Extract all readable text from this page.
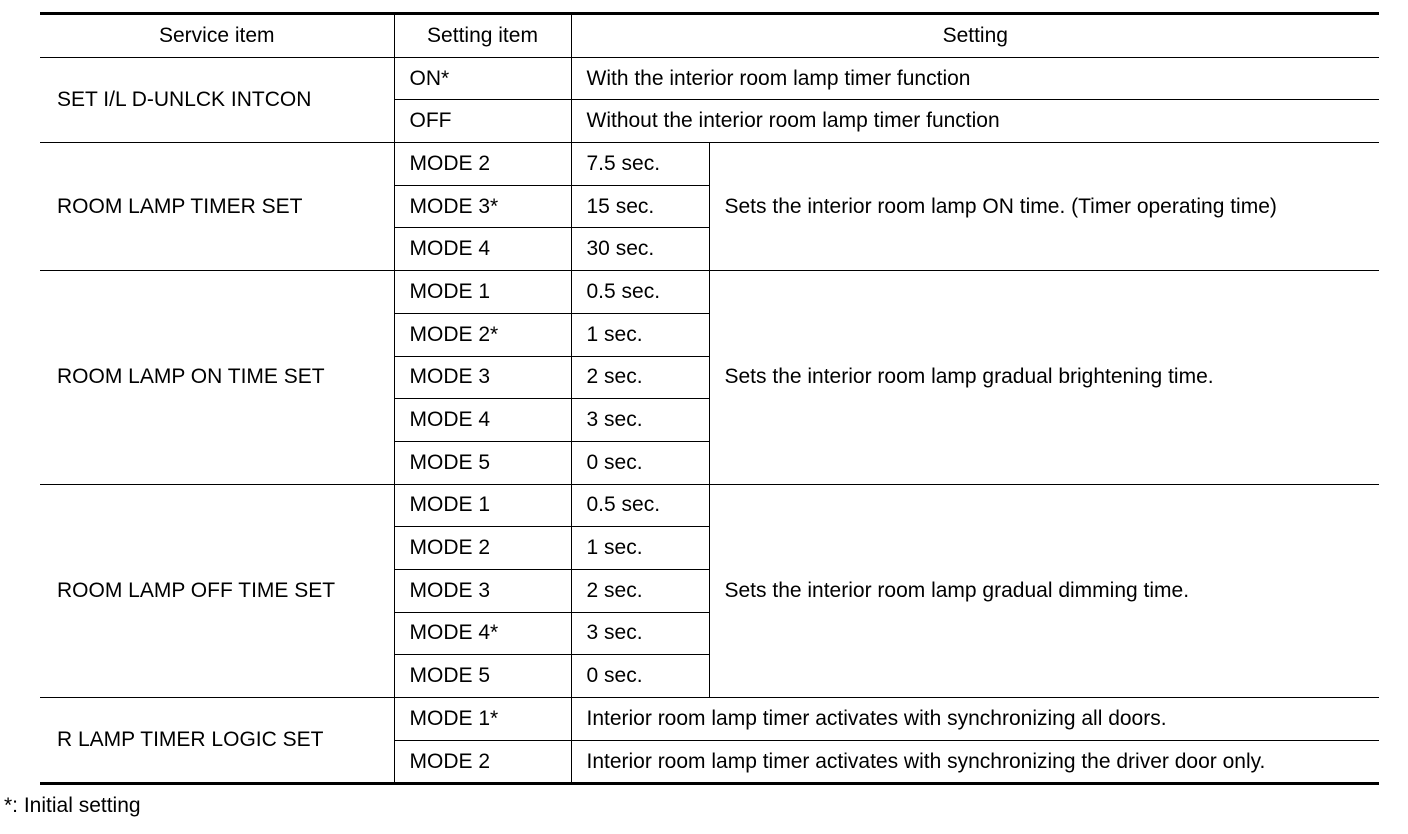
Service item	Setting item	Setting	
SET I/L D-UNLCK INTCON	ON*	With the interior room lamp timer function	
	OFF	Without the interior room lamp timer function	
ROOM LAMP TIMER SET	MODE 2	7.5 sec.	Sets the interior room lamp ON time. (Timer operating time)
	MODE 3*	15 sec.	
	MODE 4	30 sec.	
ROOM LAMP ON TIME SET	MODE 1	0.5 sec.	Sets the interior room lamp gradual brightening time.
	MODE 2*	1 sec.	
	MODE 3	2 sec.	
	MODE 4	3 sec.	
	MODE 5	0 sec.	
ROOM LAMP OFF TIME SET	MODE 1	0.5 sec.	Sets the interior room lamp gradual dimming time.
	MODE 2	1 sec.	
	MODE 3	2 sec.	
	MODE 4*	3 sec.	
	MODE 5	0 sec.	
R LAMP TIMER LOGIC SET	MODE 1*	Interior room lamp timer activates with synchronizing all doors.	
	MODE 2	Interior room lamp timer activates with synchronizing the driver door only.	
*: Initial setting
